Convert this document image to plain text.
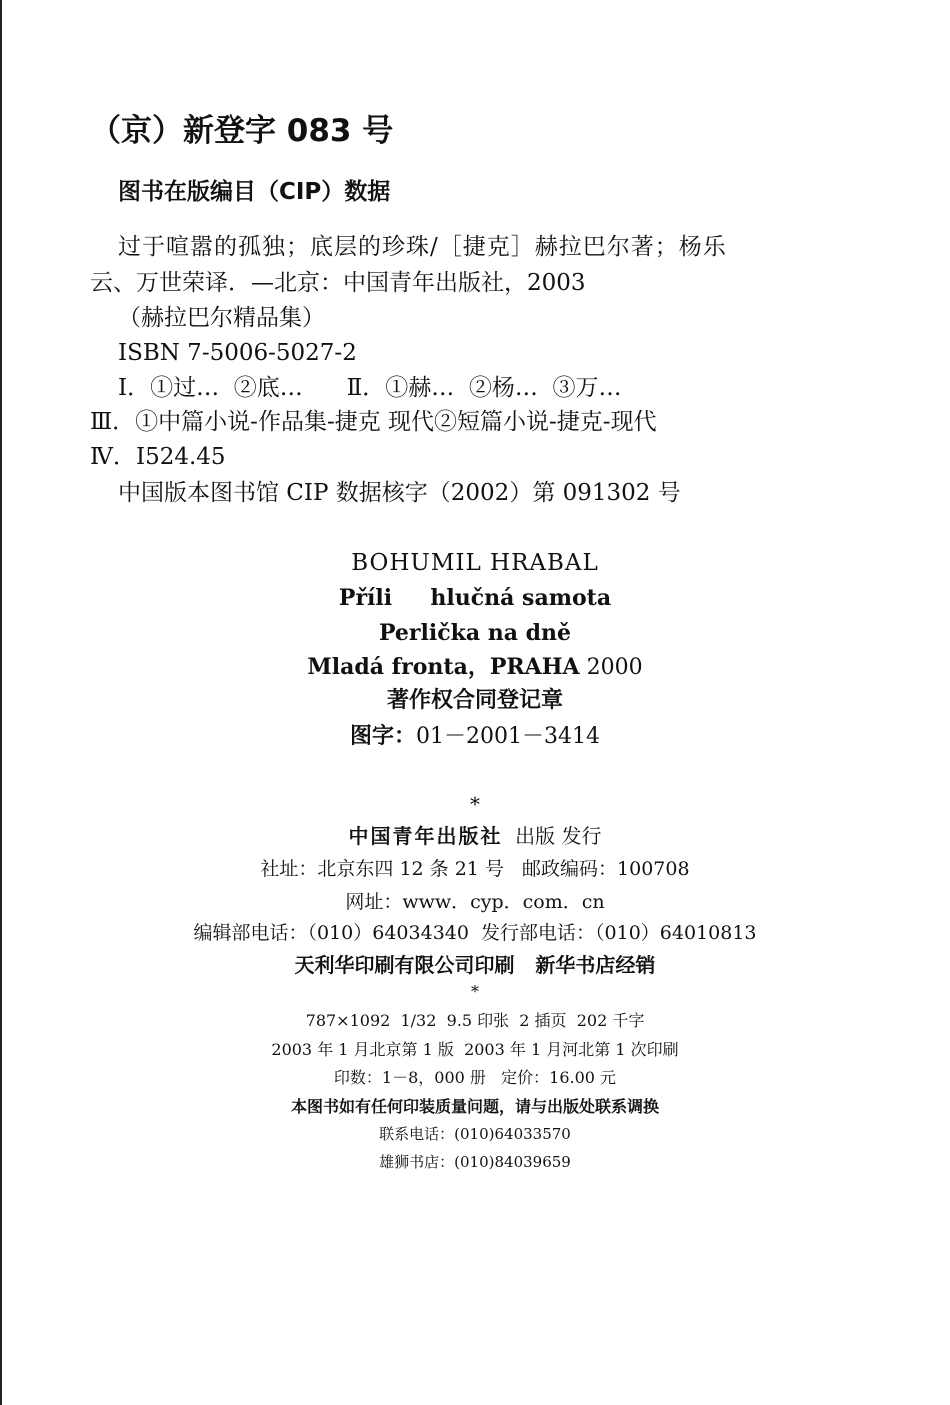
（京）新登字 083 号
图书在版编目（CIP）数据
过于喧嚣的孤独；底层的珍珠/［捷克］赫拉巴尔著；杨乐
云、万世荣译．—北京：中国青年出版社，2003
（赫拉巴尔精品集）
ISBN 7-5006-5027-2
Ⅰ．①过…  ②底…      Ⅱ．①赫…  ②杨…  ③万…
Ⅲ．①中篇小说-作品集-捷克 现代②短篇小说-捷克-现代
Ⅳ．I524.45
中国版本图书馆 CIP 数据核字（2002）第 091302 号
BOHUMIL HRABAL
Příli     hlučná samota
Perlička na dně
Mladá fronta，PRAHA 2000
著作权合同登记章
图字：01－2001－3414
*
中国青年出版社 出版 发行
社址：北京东四 12 条 21 号   邮政编码：100708
网址：www．cyp．com．cn
编辑部电话：（010）64034340  发行部电话：（010）64010813
天利华印刷有限公司印刷   新华书店经销
*
787×1092  1/32  9.5 印张  2 插页  202 千字
2003 年 1 月北京第 1 版  2003 年 1 月河北第 1 次印刷
印数：1－8，000 册   定价：16.00 元
本图书如有任何印装质量问题，请与出版处联系调换
联系电话：(010)64033570
雄狮书店：(010)84039659
